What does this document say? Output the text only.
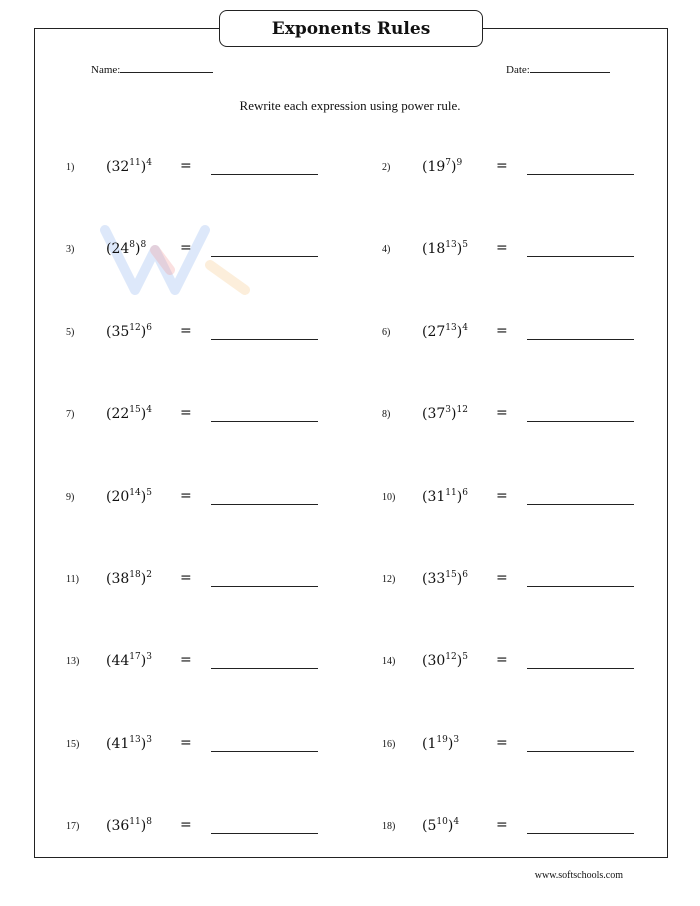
Exponents Rules
Name:	Date:
Rewrite each expression using power rule.
1) $(32^{11})^4$ =	2) $(19^7)^9$ =
3) $(24^8)^8$ =	4) $(18^{13})^5$ =
5) $(35^{12})^6$ =	6) $(27^{13})^4$ =
7) $(22^{15})^4$ =	8) $(37^3)^{12}$ =
9) $(20^{14})^5$ =	10) $(31^{11})^6$ =
11) $(38^{18})^2$ =	12) $(33^{15})^6$ =
13) $(44^{17})^3$ =	14) $(30^{12})^5$ =
15) $(41^{13})^3$ =	16) $(1^{19})^3$	=
17) $(36^{11})^8$ =	18) $(5^{10})^4$	=
www.softschools.com
